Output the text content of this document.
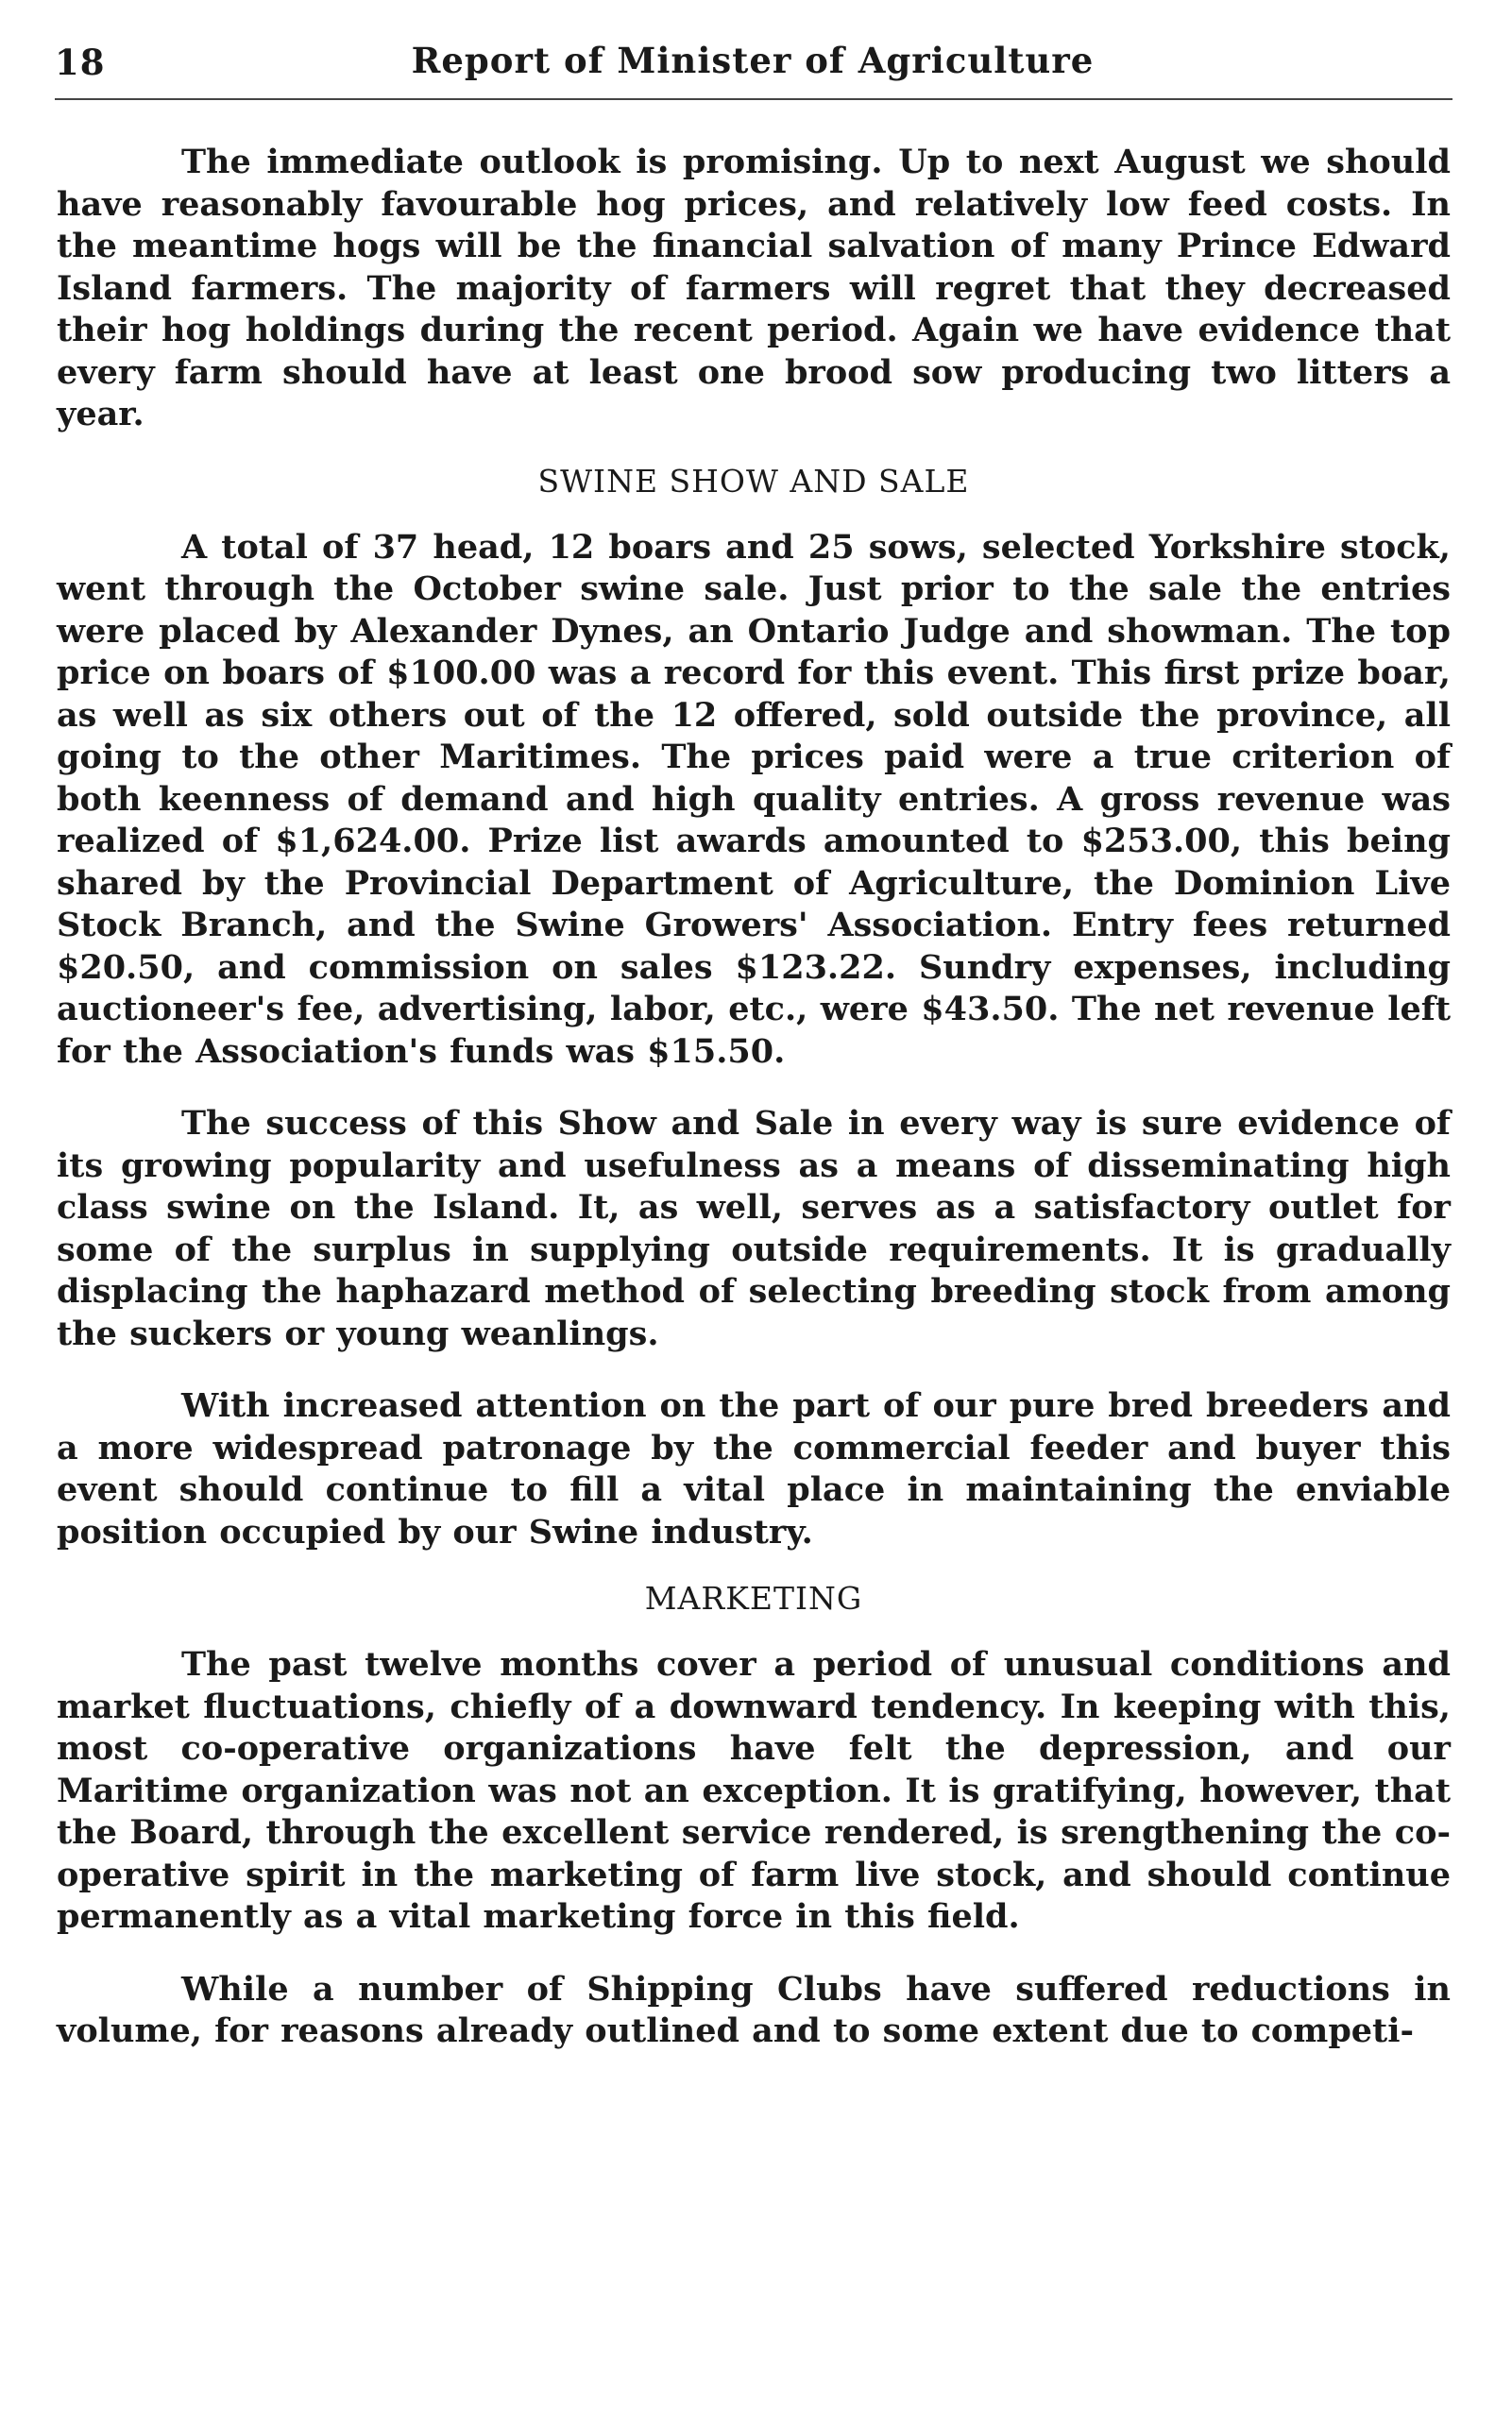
18	Report of Minister of Agriculture

The immediate outlook is promising. Up to next August we should have reasonably favourable hog prices, and relatively low feed costs. In the meantime hogs will be the financial salvation of many Prince Edward Island farmers. The majority of farmers will regret that they decreased their hog holdings during the recent period. Again we have evidence that every farm should have at least one brood sow producing two litters a year.

SWINE SHOW AND SALE

A total of 37 head, 12 boars and 25 sows, selected Yorkshire stock, went through the October swine sale. Just prior to the sale the entries were placed by Alexander Dynes, an Ontario Judge and showman. The top price on boars of $100.00 was a record for this event. This first prize boar, as well as six others out of the 12 offered, sold outside the province, all going to the other Maritimes. The prices paid were a true criterion of both keenness of demand and high quality entries. A gross revenue was realized of $1,624.00. Prize list awards amounted to $253.00, this being shared by the Provincial Department of Agriculture, the Dominion Live Stock Branch, and the Swine Growers' Association. Entry fees returned $20.50, and commission on sales $123.22. Sundry expenses, including auctioneer's fee, advertising, labor, etc., were $43.50. The net revenue left for the Association's funds was $15.50.

The success of this Show and Sale in every way is sure evidence of its growing popularity and usefulness as a means of disseminating high class swine on the Island. It, as well, serves as a satisfactory outlet for some of the surplus in supplying outside requirements. It is gradually displacing the haphazard method of selecting breeding stock from among the suckers or young weanlings.

With increased attention on the part of our pure bred breeders and a more widespread patronage by the commercial feeder and buyer this event should continue to fill a vital place in maintaining the enviable position occupied by our Swine industry.

MARKETING

The past twelve months cover a period of unusual conditions and market fluctuations, chiefly of a downward tendency. In keeping with this, most co-operative organizations have felt the depression, and our Maritime organization was not an exception. It is gratifying, however, that the Board, through the excellent service rendered, is srengthening the co-operative spirit in the marketing of farm live stock, and should continue permanently as a vital marketing force in this field.

While a number of Shipping Clubs have suffered reductions in volume, for reasons already outlined and to some extent due to competi-
